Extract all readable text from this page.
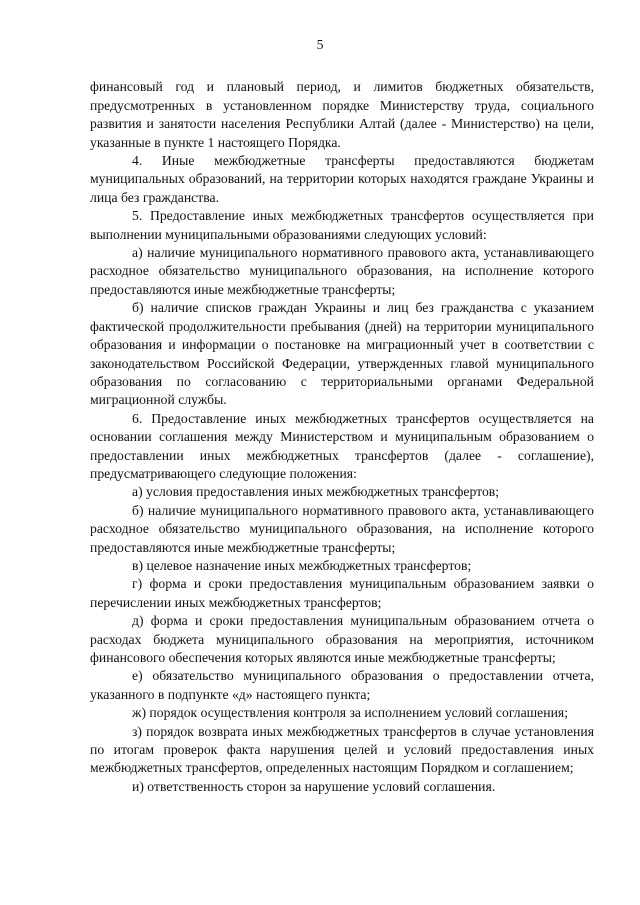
5

финансовый год и плановый период, и лимитов бюджетных обязательств, предусмотренных в установленном порядке Министерству труда, социального развития и занятости населения Республики Алтай (далее - Министерство) на цели, указанные в пункте 1 настоящего Порядка.

4. Иные межбюджетные трансферты предоставляются бюджетам муниципальных образований, на территории которых находятся граждане Украины и лица без гражданства.

5. Предоставление иных межбюджетных трансфертов осуществляется при выполнении муниципальными образованиями следующих условий:

а) наличие муниципального нормативного правового акта, устанавливающего расходное обязательство муниципального образования, на исполнение которого предоставляются иные межбюджетные трансферты;

б) наличие списков граждан Украины и лиц без гражданства с указанием фактической продолжительности пребывания (дней) на территории муниципального образования и информации о постановке на миграционный учет в соответствии с законодательством Российской Федерации, утвержденных главой муниципального образования по согласованию с территориальными органами Федеральной миграционной службы.

6. Предоставление иных межбюджетных трансфертов осуществляется на основании соглашения между Министерством и муниципальным образованием о предоставлении иных межбюджетных трансфертов (далее - соглашение), предусматривающего следующие положения:

а) условия предоставления иных межбюджетных трансфертов;

б) наличие муниципального нормативного правового акта, устанавливающего расходное обязательство муниципального образования, на исполнение которого предоставляются иные межбюджетные трансферты;

в) целевое назначение иных межбюджетных трансфертов;

г) форма и сроки предоставления муниципальным образованием заявки о перечислении иных межбюджетных трансфертов;

д) форма и сроки предоставления муниципальным образованием отчета о расходах бюджета муниципального образования на мероприятия, источником финансового обеспечения которых являются иные межбюджетные трансферты;

е) обязательство муниципального образования о предоставлении отчета, указанного в подпункте «д» настоящего пункта;

ж) порядок осуществления контроля за исполнением условий соглашения;

з) порядок возврата иных межбюджетных трансфертов в случае установления по итогам проверок факта нарушения целей и условий предоставления иных межбюджетных трансфертов, определенных настоящим Порядком и соглашением;

и) ответственность сторон за нарушение условий соглашения.
